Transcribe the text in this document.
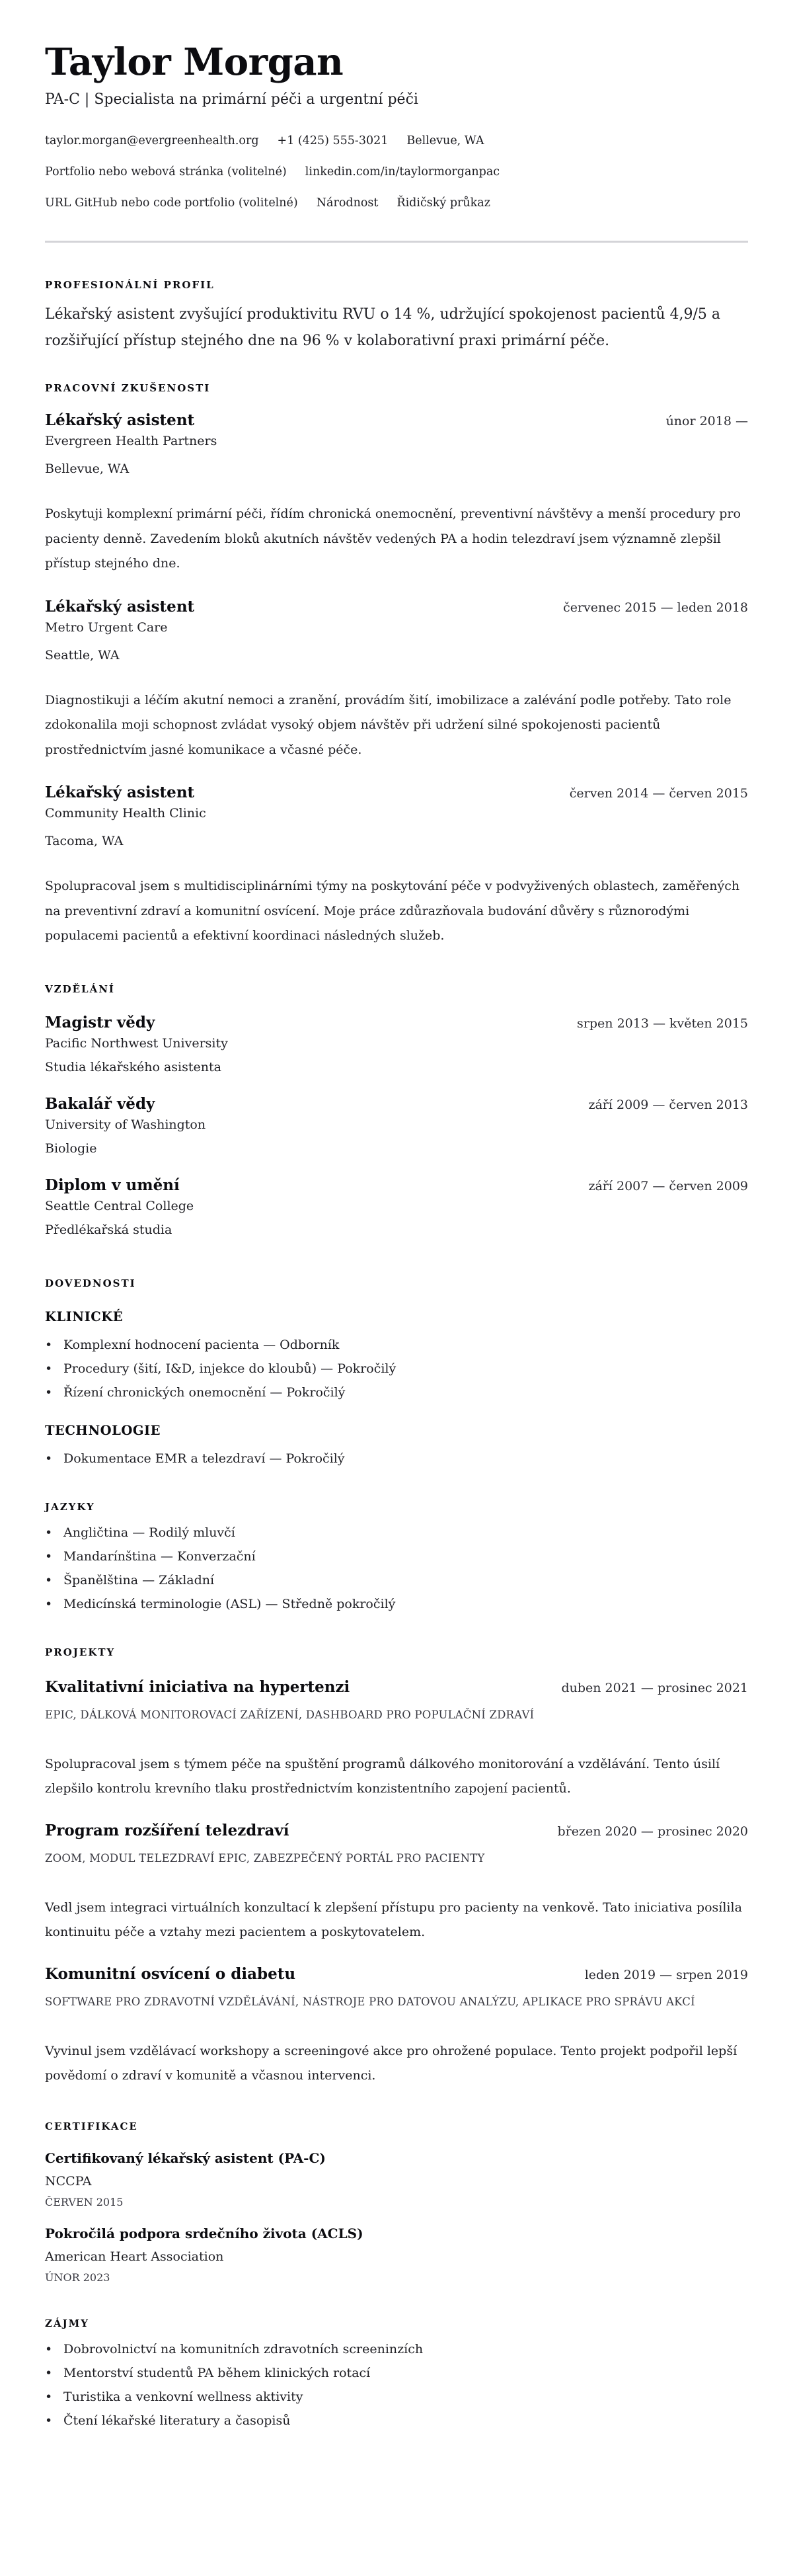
Taylor Morgan
PA-C | Specialista na primární péči a urgentní péči
taylor.morgan@evergreenhealth.org +1 (425) 555-3021 Bellevue, WA
Portfolio nebo webová stránka (volitelné) linkedin.com/in/taylormorganpac
URL GitHub nebo code portfolio (volitelné) Národnost Řidičský průkaz
PROFESIONÁLNÍ PROFIL

Lékařský asistent zvyšující produktivitu RVU o 14 %, udržující spokojenost pacientů 4,9/5 a rozšiřující přístup stejného dne na 96 % v kolaborativní praxi primární péče.

PRACOVNÍ ZKUŠENOSTI
Lékařský asistent	únor 2018 —
Evergreen Health Partners
Bellevue, WA

Poskytuji komplexní primární péči, řídím chronická onemocnění, preventivní návštěvy a menší procedury pro pacienty denně. Zavedením bloků akutních návštěv vedených PA a hodin telezdraví jsem významně zlepšil přístup stejného dne.

Lékařský asistent	červenec 2015 — leden 2018
Metro Urgent Care
Seattle, WA

Diagnostikuji a léčím akutní nemoci a zranění, provádím šití, imobilizace a zalévání podle potřeby. Tato role zdokonalila moji schopnost zvládat vysoký objem návštěv při udržení silné spokojenosti pacientů prostřednictvím jasné komunikace a včasné péče.

Lékařský asistent	červen 2014 — červen 2015
Community Health Clinic
Tacoma, WA

Spolupracoval jsem s multidisciplinárními týmy na poskytování péče v podvyživených oblastech, zaměřených na preventivní zdraví a komunitní osvícení. Moje práce zdůrazňovala budování důvěry s různorodými populacemi pacientů a efektivní koordinaci následných služeb.

VZDĚLÁNÍ
Magistr vědy	srpen 2013 — květen 2015
Pacific Northwest University
Studia lékařského asistenta
Bakalář vědy	září 2009 — červen 2013
University of Washington
Biologie
Diplom v umění	září 2007 — červen 2009
Seattle Central College
Předlékařská studia
DOVEDNOSTI
KLINICKÉ
• Komplexní hodnocení pacienta — Odborník
• Procedury (šití, I&D, injekce do kloubů) — Pokročilý
• Řízení chronických onemocnění — Pokročilý
TECHNOLOGIE
• Dokumentace EMR a telezdraví — Pokročilý
JAZYKY
• Angličtina — Rodilý mluvčí
• Mandarínština — Konverzační
• Španělština — Základní
• Medicínská terminologie (ASL) — Středně pokročilý
PROJEKTY
Kvalitativní iniciativa na hypertenzi	duben 2021 — prosinec 2021
EPIC, DÁLKOVÁ MONITOROVACÍ ZAŘÍZENÍ, DASHBOARD PRO POPULAČNÍ ZDRAVÍ

Spolupracoval jsem s týmem péče na spuštění programů dálkového monitorování a vzdělávání. Tento úsilí zlepšilo kontrolu krevního tlaku prostřednictvím konzistentního zapojení pacientů.

Program rozšíření telezdraví	březen 2020 — prosinec 2020
ZOOM, MODUL TELEZDRAVÍ EPIC, ZABEZPEČENÝ PORTÁL PRO PACIENTY

Vedl jsem integraci virtuálních konzultací k zlepšení přístupu pro pacienty na venkově. Tato iniciativa posílila kontinuitu péče a vztahy mezi pacientem a poskytovatelem.

Komunitní osvícení o diabetu	leden 2019 — srpen 2019
SOFTWARE PRO ZDRAVOTNÍ VZDĚLÁVÁNÍ, NÁSTROJE PRO DATOVOU ANALÝZU, APLIKACE PRO SPRÁVU AKCÍ

Vyvinul jsem vzdělávací workshopy a screeningové akce pro ohrožené populace. Tento projekt podpořil lepší povědomí o zdraví v komunitě a včasnou intervenci.

CERTIFIKACE
Certifikovaný lékařský asistent (PA-C)
NCCPA
ČERVEN 2015
Pokročilá podpora srdečního života (ACLS)
American Heart Association
ÚNOR 2023
ZÁJMY
• Dobrovolnictví na komunitních zdravotních screeninzích
• Mentorství studentů PA během klinických rotací
• Turistika a venkovní wellness aktivity
• Čtení lékařské literatury a časopisů
